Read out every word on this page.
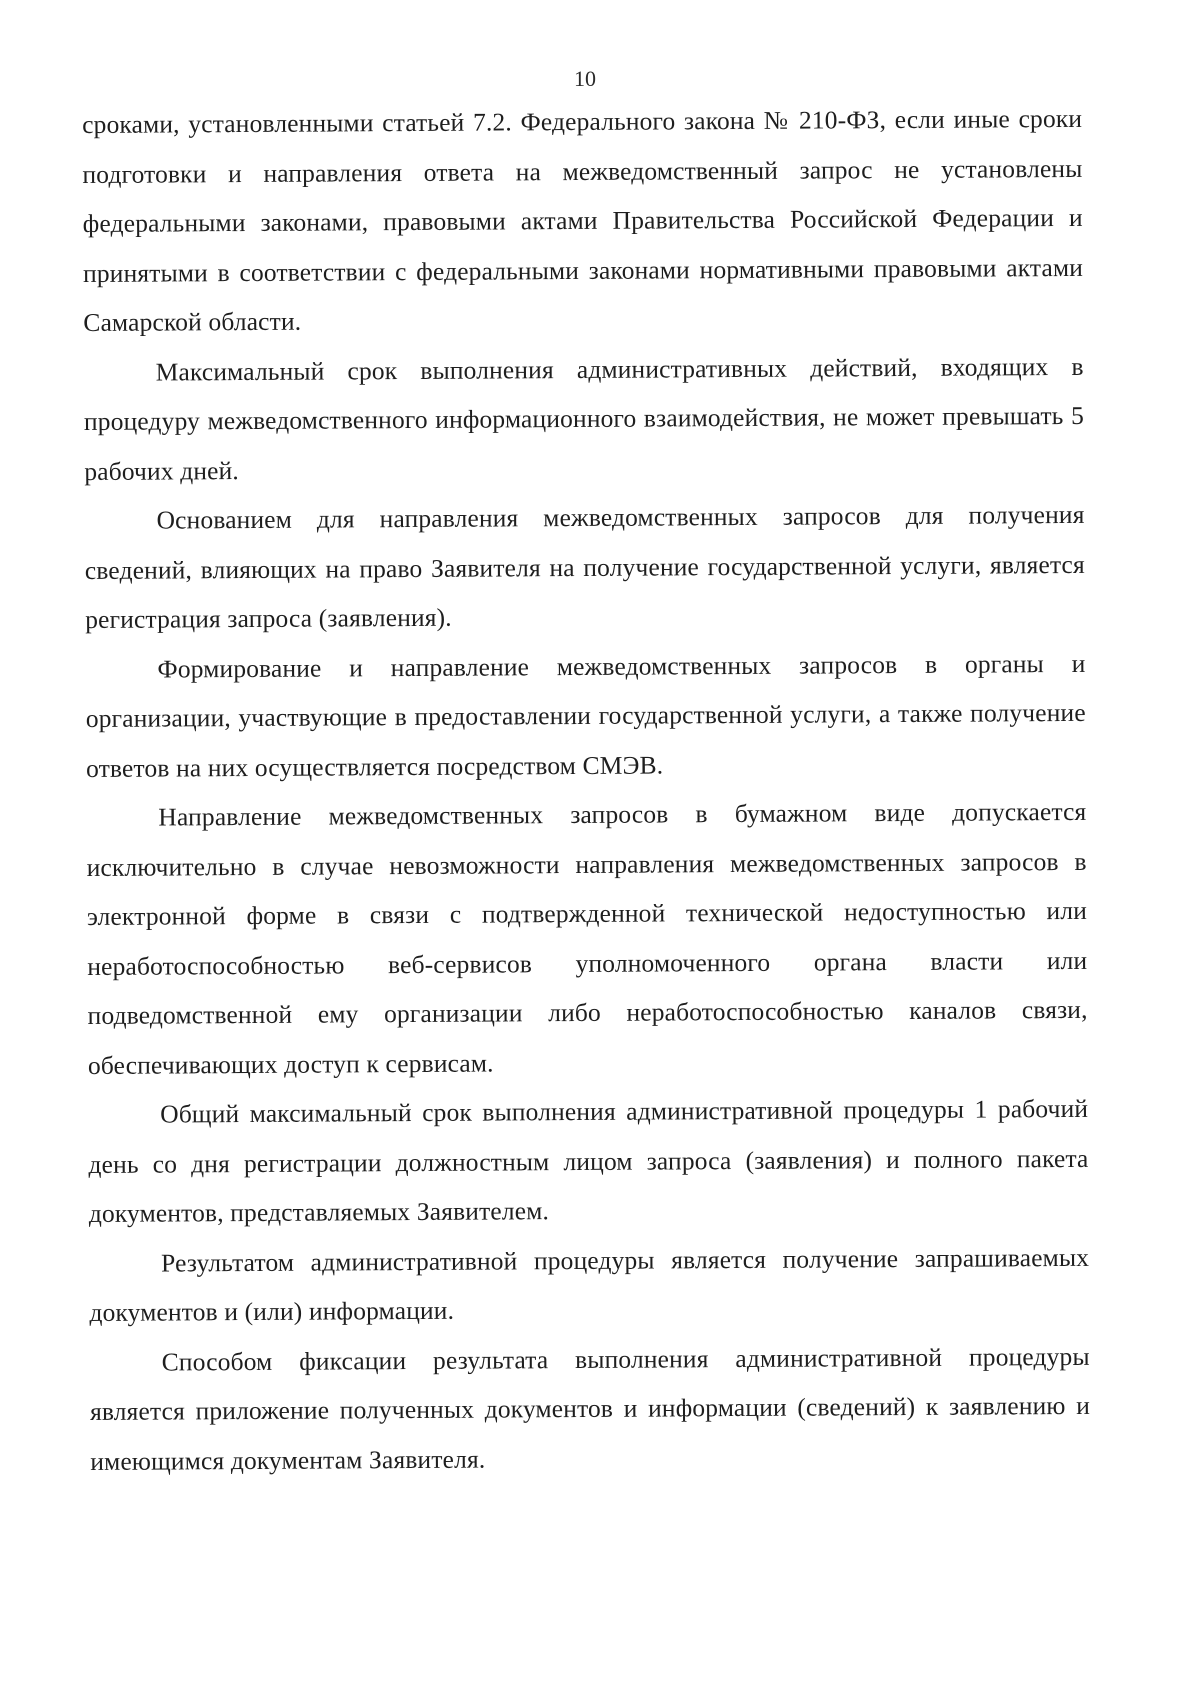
10

сроками, установленными статьей 7.2. Федерального закона № 210-ФЗ, если иные сроки подготовки и направления ответа на межведомственный запрос не установлены федеральными законами, правовыми актами Правительства Российской Федерации и принятыми в соответствии с федеральными законами нормативными правовыми актами Самарской области.

Максимальный срок выполнения административных действий, входящих в процедуру межведомственного информационного взаимодействия, не может превышать 5 рабочих дней.

Основанием для направления межведомственных запросов для получения сведений, влияющих на право Заявителя на получение государственной услуги, является регистрация запроса (заявления).

Формирование и направление межведомственных запросов в органы и организации, участвующие в предоставлении государственной услуги, а также получение ответов на них осуществляется посредством СМЭВ.

Направление межведомственных запросов в бумажном виде допускается исключительно в случае невозможности направления межведомственных запросов в электронной форме в связи с подтвержденной технической недоступностью или неработоспособностью веб-сервисов уполномоченного органа власти или подведомственной ему организации либо неработоспособностью каналов связи, обеспечивающих доступ к сервисам.

Общий максимальный срок выполнения административной процедуры 1 рабочий день со дня регистрации должностным лицом запроса (заявления) и полного пакета документов, представляемых Заявителем.

Результатом административной процедуры является получение запрашиваемых документов и (или) информации.

Способом фиксации результата выполнения административной процедуры является приложение полученных документов и информации (сведений) к заявлению и имеющимся документам Заявителя.
